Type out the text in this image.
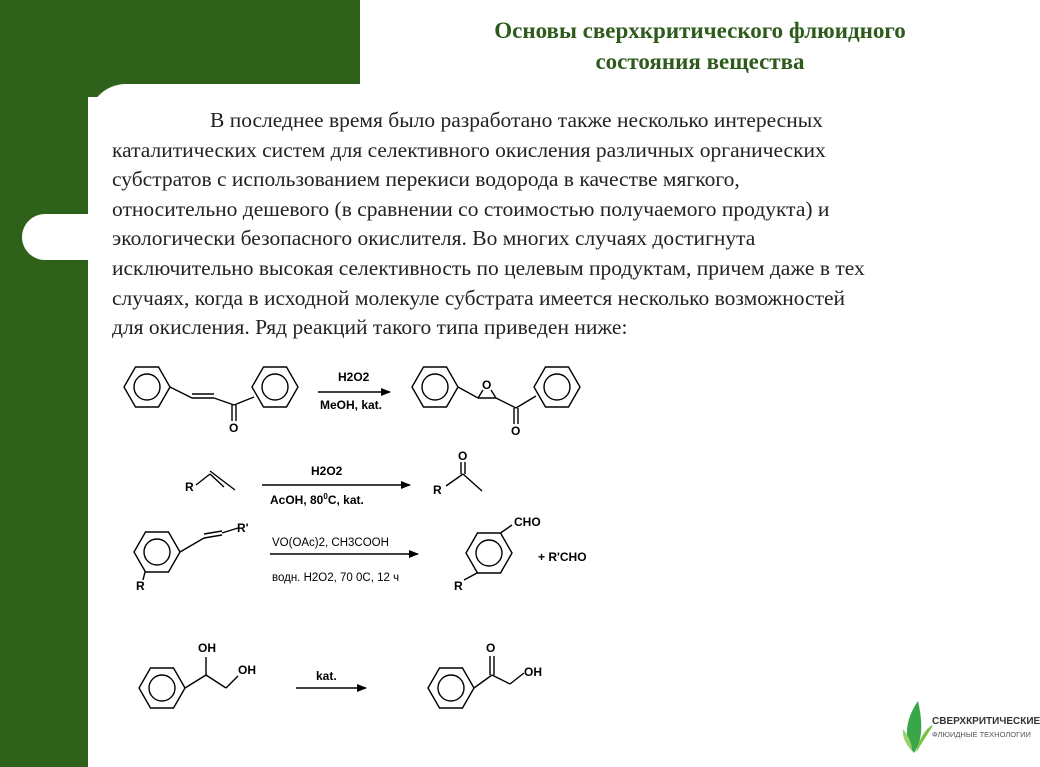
Основы сверхкритического флюидного
состояния вещества
В последнее время было разработано также несколько интересных
каталитических систем для селективного окисления различных органических
субстратов с использованием перекиси водорода в качестве мягкого,
относительно дешевого (в сравнении со стоимостью получаемого продукта) и
экологически безопасного окислителя. Во многих случаях достигнута
исключительно высокая селективность по целевым продуктам, причем даже в тех
случаях, когда в исходной молекуле субстрата имеется несколько возможностей
для окисления. Ряд реакций такого типа приведен ниже:
O
H2O2
MeOH, kat.
O
O
R
H2O2
AcOH, $80^0C$, kat.
O
R
R'
R
VO(OAc)2, CH3COOH
водн. H2O2, 70 0C, 12 ч
CHO
+ R'CHO
R
OH
OH	kat.
O
OH
СВЕРХКРИТИЧЕСКИЕ
ФЛЮИДНЫЕ ТЕХНОЛОГИИ
